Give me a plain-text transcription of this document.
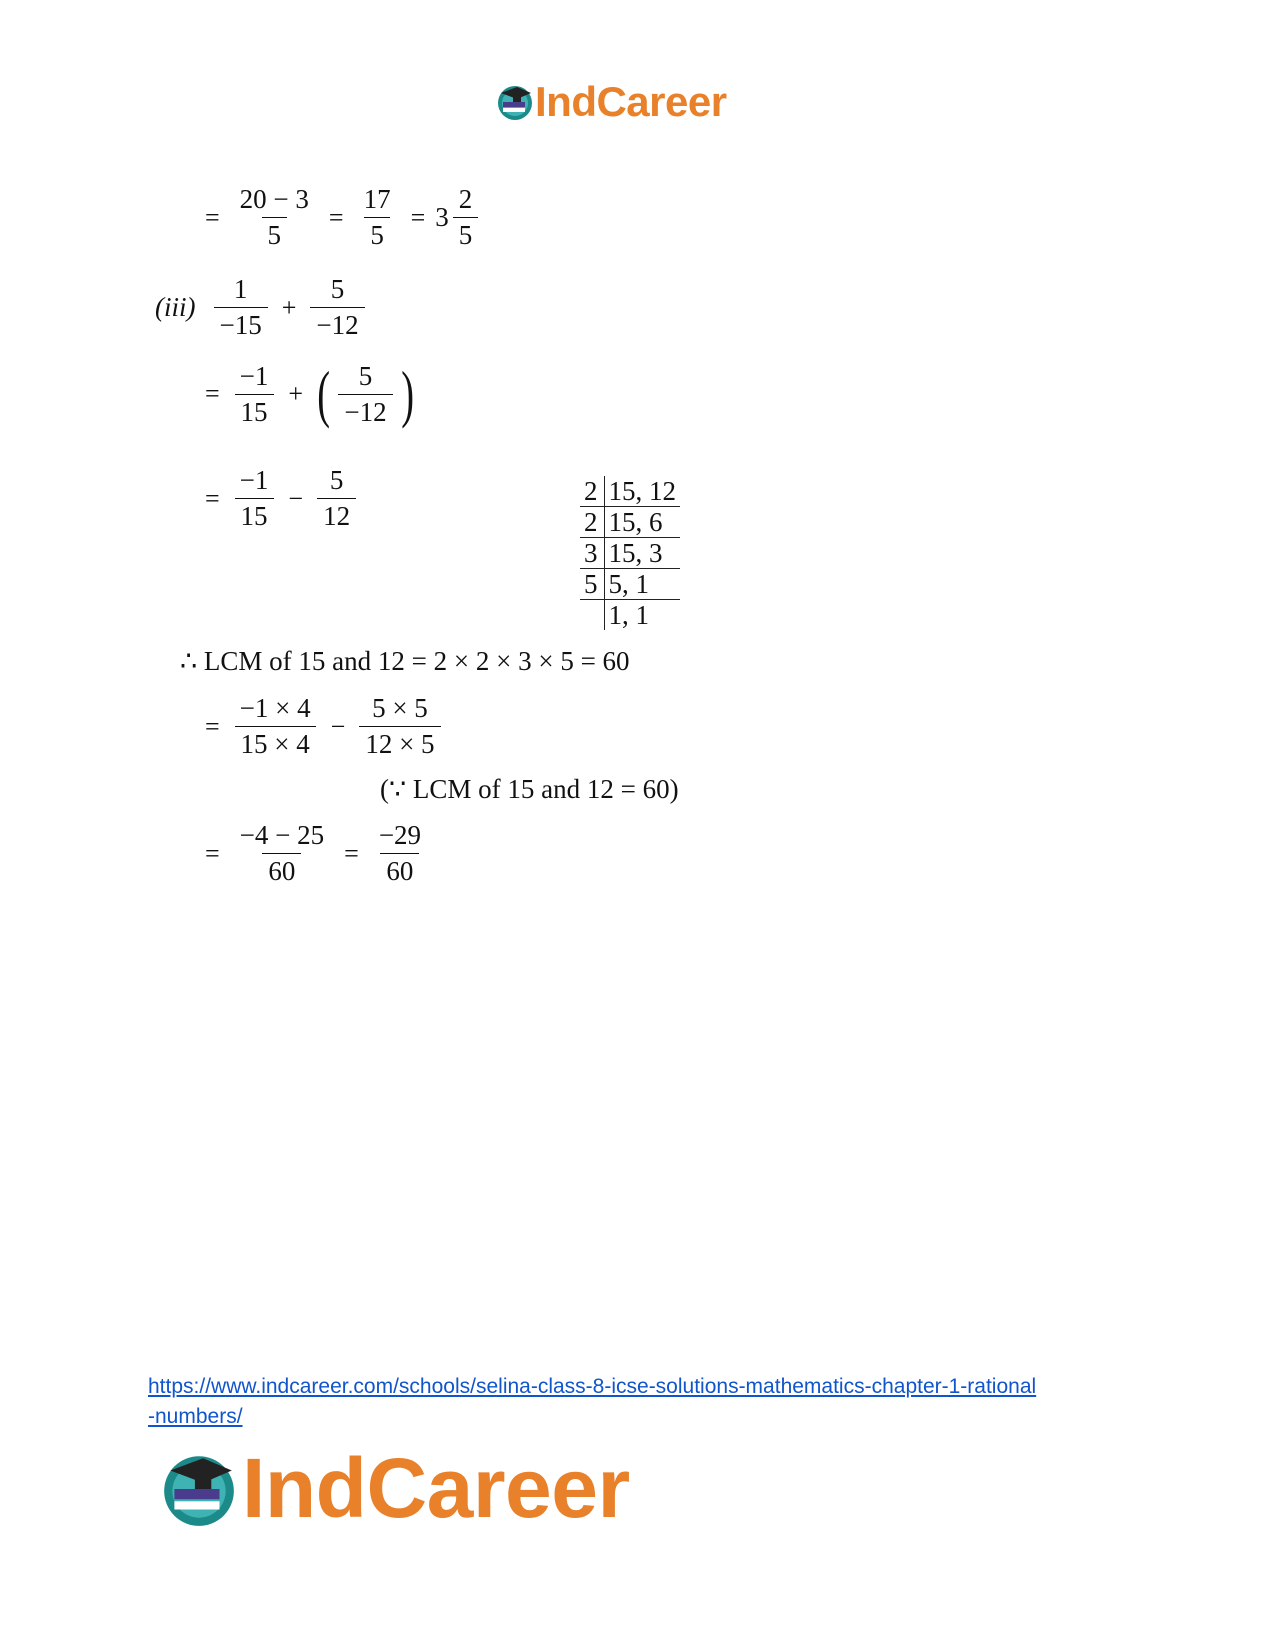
IndCareer
= $\frac{20 - 3}{5} = \frac{17}{5} = 3 \frac{2}{5}$
$(iii) \frac{1}{-15} + \frac{5}{-12}$
= $\frac{-1}{15}$ + ( $\frac{5}{-12}$ )
= $\frac{-1}{15} - \frac{5}{12}$	2	15, 12
2	15, 6
3	15, 3
5	5, 1
	1, 1
∴ LCM of 15 and 12 = 2 × 2 × 3 × 5 = 60
= $\frac{-1 \times 4}{15 \times 4} - \frac{5 \times 5}{12 \times 5}$
(∵ LCM of 15 and 12 = 60)
= $\frac{-4 - 25}{60} = \frac{-29}{60}$
https://www.indcareer.com/schools/selina-class-8-icse-solutions-mathematics-chapter-1-rational
-numbers/
IndCareer
